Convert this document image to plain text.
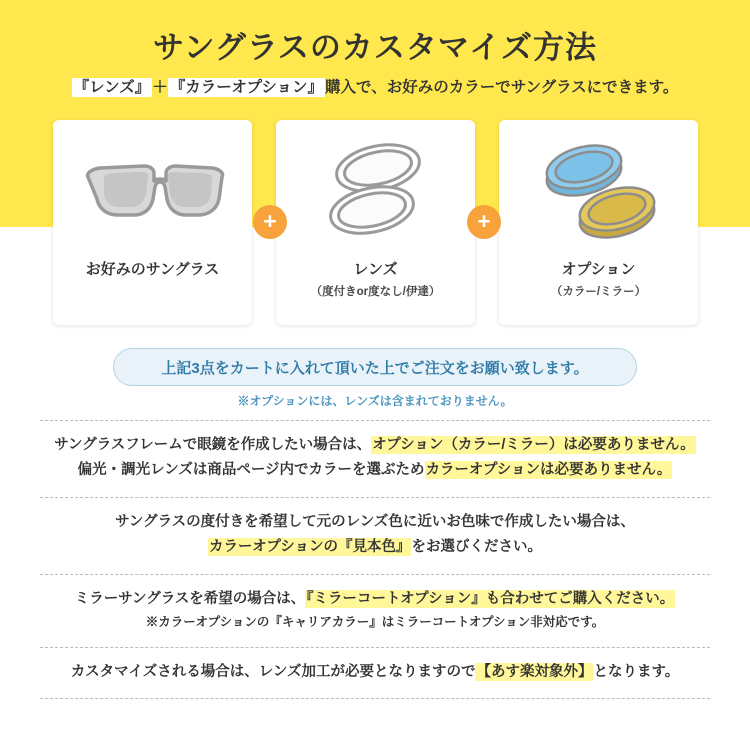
サングラスのカスタマイズ方法
『レンズ』 ＋ 『カラーオプション』 購入で、お好みのカラーでサングラスにできます。
お好みのサングラス	レンズ
（度付きor度なし/伊達）
オプション
（カラー/ミラー）
+	+
上記3点をカートに入れて頂いた上でご注文をお願い致します。
※オプションには、レンズは含まれておりません。
サングラスフレームで眼鏡を作成したい場合は、オプション（カラー/ミラー）は必要ありません。
偏光・調光レンズは商品ページ内でカラーを選ぶためカラーオプションは必要ありません。
サングラスの度付きを希望して元のレンズ色に近いお色味で作成したい場合は、
カラーオプションの『見本色』をお選びください。
ミラーサングラスを希望の場合は、『ミラーコートオプション』も合わせてご購入ください。
※カラーオプションの『キャリアカラー』はミラーコートオプション非対応です。
カスタマイズされる場合は、レンズ加工が必要となりますので【あす楽対象外】となります。
